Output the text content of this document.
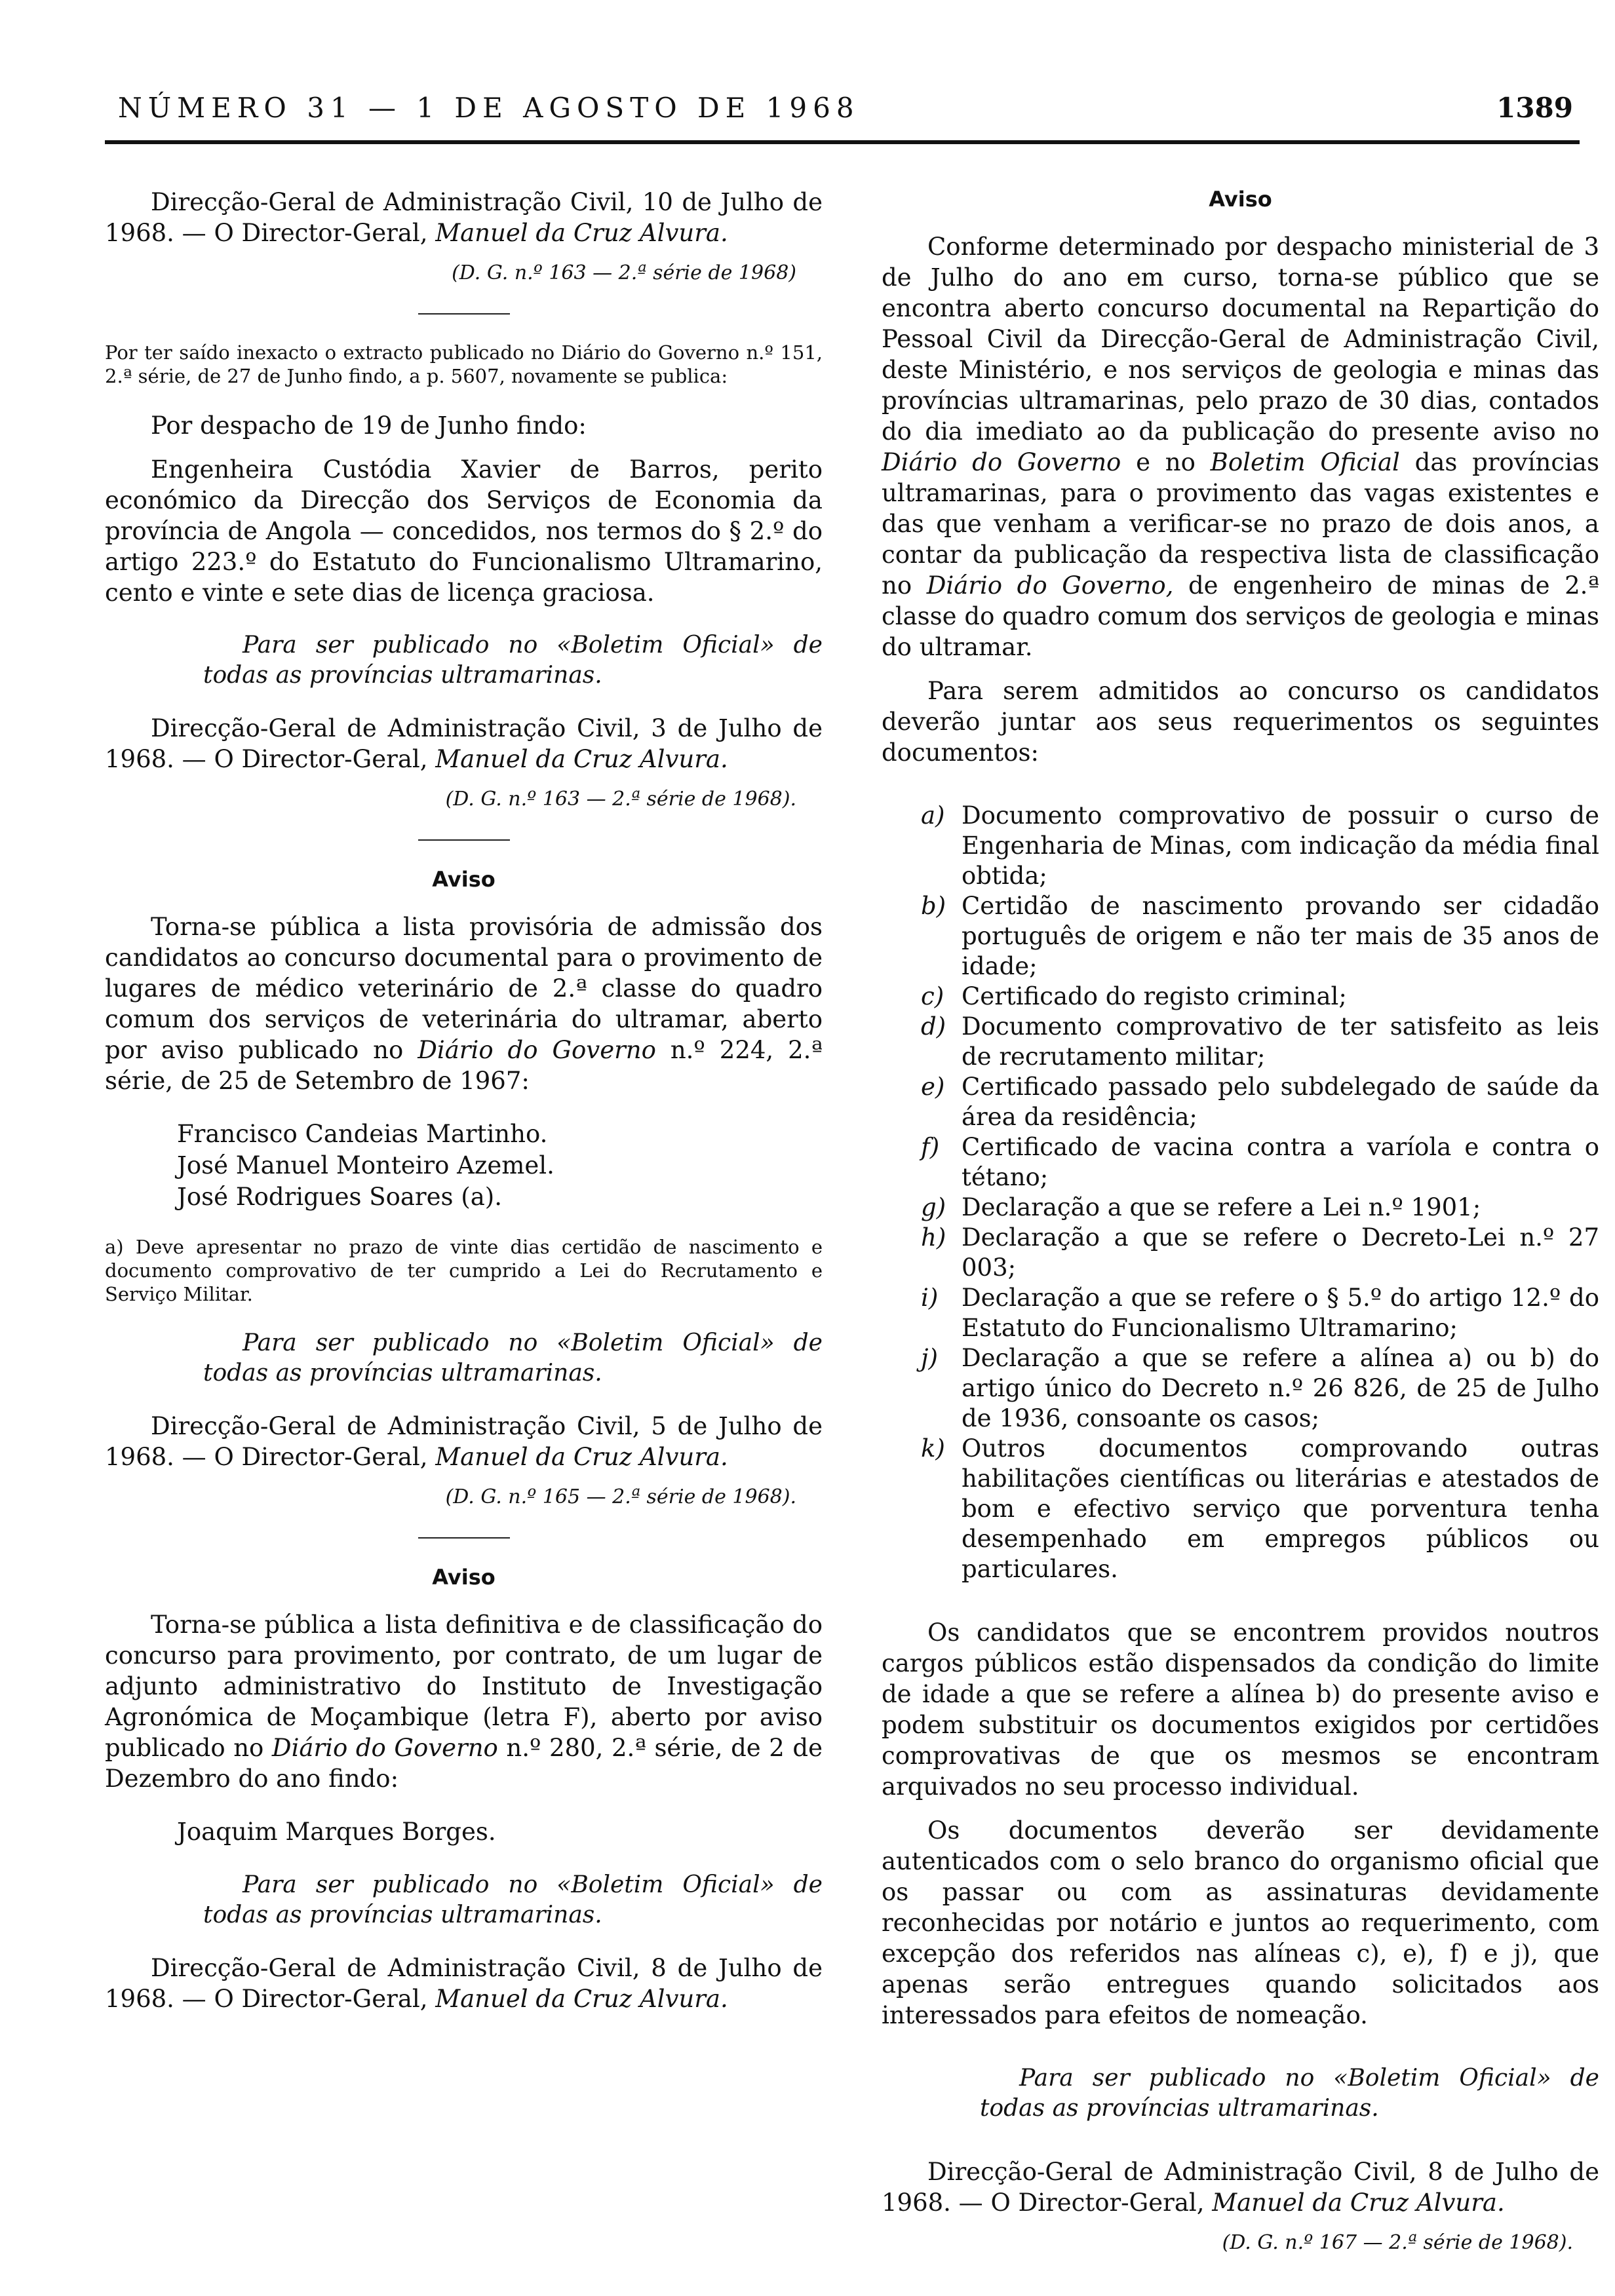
NÚMERO 31 — 1 DE AGOSTO DE 1968	1389

Direcção-Geral de Administração Civil, 10 de Julho de 1968. — O Director-Geral, Manuel da Cruz Alvura.

(D. G. n.º 163 — 2.ª série de 1968)

Por ter saído inexacto o extracto publicado no Diário do Governo n.º 151, 2.ª série, de 27 de Junho findo, a p. 5607, novamente se publica:

Por despacho de 19 de Junho findo:

Engenheira Custódia Xavier de Barros, perito económico da Direcção dos Serviços de Economia da província de Angola — concedidos, nos termos do § 2.º do artigo 223.º do Estatuto do Funcionalismo Ultramarino, cento e vinte e sete dias de licença graciosa.

Para ser publicado no «Boletim Oficial» de todas as províncias ultramarinas.

Direcção-Geral de Administração Civil, 3 de Julho de 1968. — O Director-Geral, Manuel da Cruz Alvura.

(D. G. n.º 163 — 2.ª série de 1968).

Aviso

Torna-se pública a lista provisória de admissão dos candidatos ao concurso documental para o provimento de lugares de médico veterinário de 2.ª classe do quadro comum dos serviços de veterinária do ultramar, aberto por aviso publicado no Diário do Governo n.º 224, 2.ª série, de 25 de Setembro de 1967:

Francisco Candeias Martinho.
José Manuel Monteiro Azemel.
José Rodrigues Soares (a).

a) Deve apresentar no prazo de vinte dias certidão de nascimento e documento comprovativo de ter cumprido a Lei do Recrutamento e Serviço Militar.

Para ser publicado no «Boletim Oficial» de todas as províncias ultramarinas.

Direcção-Geral de Administração Civil, 5 de Julho de 1968. — O Director-Geral, Manuel da Cruz Alvura.

(D. G. n.º 165 — 2.ª série de 1968).

Aviso

Torna-se pública a lista definitiva e de classificação do concurso para provimento, por contrato, de um lugar de adjunto administrativo do Instituto de Investigação Agronómica de Moçambique (letra F), aberto por aviso publicado no Diário do Governo n.º 280, 2.ª série, de 2 de Dezembro do ano findo:

Joaquim Marques Borges.

Para ser publicado no «Boletim Oficial» de todas as províncias ultramarinas.

Direcção-Geral de Administração Civil, 8 de Julho de 1968. — O Director-Geral, Manuel da Cruz Alvura.

Aviso

Conforme determinado por despacho ministerial de 3 de Julho do ano em curso, torna-se público que se encontra aberto concurso documental na Repartição do Pessoal Civil da Direcção-Geral de Administração Civil, deste Ministério, e nos serviços de geologia e minas das províncias ultramarinas, pelo prazo de 30 dias, contados do dia imediato ao da publicação do presente aviso no Diário do Governo e no Boletim Oficial das províncias ultramarinas, para o provimento das vagas existentes e das que venham a verificar-se no prazo de dois anos, a contar da publicação da respectiva lista de classificação no Diário do Governo, de engenheiro de minas de 2.ª classe do quadro comum dos serviços de geologia e minas do ultramar.

Para serem admitidos ao concurso os candidatos deverão juntar aos seus requerimentos os seguintes documentos:

a) Documento comprovativo de possuir o curso de Engenharia de Minas, com indicação da média final obtida;
b) Certidão de nascimento provando ser cidadão português de origem e não ter mais de 35 anos de idade;
c) Certificado do registo criminal;
d) Documento comprovativo de ter satisfeito as leis de recrutamento militar;
e) Certificado passado pelo subdelegado de saúde da área da residência;
f) Certificado de vacina contra a varíola e contra o tétano;
g) Declaração a que se refere a Lei n.º 1901;
h) Declaração a que se refere o Decreto-Lei n.º 27 003;
i) Declaração a que se refere o § 5.º do artigo 12.º do Estatuto do Funcionalismo Ultramarino;
j) Declaração a que se refere a alínea a) ou b) do artigo único do Decreto n.º 26 826, de 25 de Julho de 1936, consoante os casos;
k) Outros documentos comprovando outras habilitações científicas ou literárias e atestados de bom e efectivo serviço que porventura tenha desempenhado em empregos públicos ou particulares.

Os candidatos que se encontrem providos noutros cargos públicos estão dispensados da condição do limite de idade a que se refere a alínea b) do presente aviso e podem substituir os documentos exigidos por certidões comprovativas de que os mesmos se encontram arquivados no seu processo individual.

Os documentos deverão ser devidamente autenticados com o selo branco do organismo oficial que os passar ou com as assinaturas devidamente reconhecidas por notário e juntos ao requerimento, com excepção dos referidos nas alíneas c), e), f) e j), que apenas serão entregues quando solicitados aos interessados para efeitos de nomeação.

Para ser publicado no «Boletim Oficial» de todas as províncias ultramarinas.

Direcção-Geral de Administração Civil, 8 de Julho de 1968. — O Director-Geral, Manuel da Cruz Alvura.

(D. G. n.º 167 — 2.ª série de 1968).
